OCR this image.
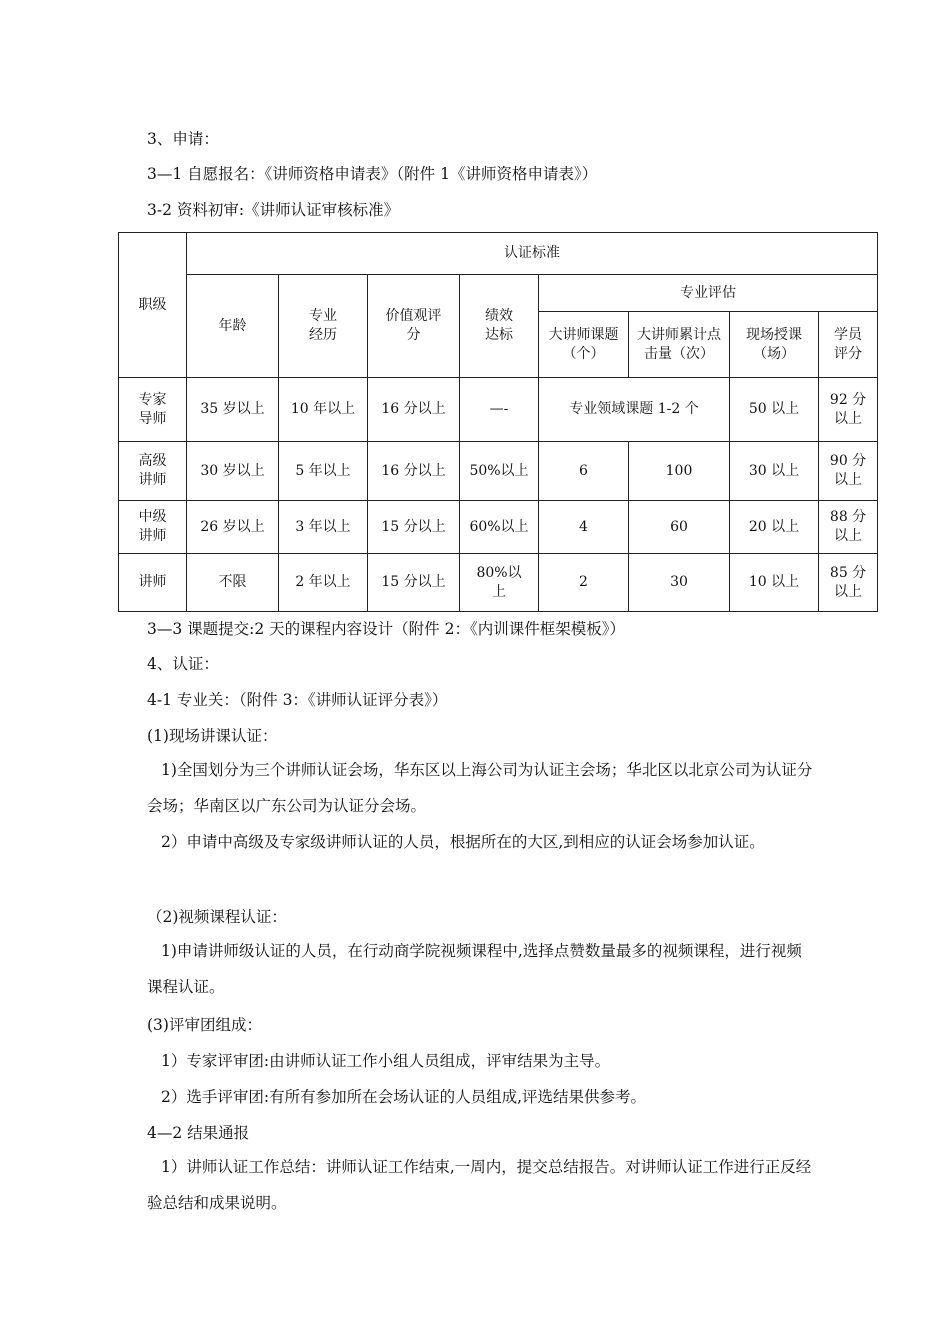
3、申请：
3—1 自愿报名：《讲师资格申请表》（附件 1《讲师资格申请表》）
3-2 资料初审:《讲师认证审核标准》
职级	认证标准							
	年龄	专业经历	价值观评分	绩效达标	专业评估			
					大讲师课题（个）	大讲师累计点击量（次）	现场授课（场）	学员评分
专家导师	35 岁以上	10 年以上	16 分以上	—-	专业领域课题 1-2 个		50 以上	92 分以上
高级讲师	30 岁以上	5 年以上	16 分以上	50%以上	6	100	30 以上	90 分以上
中级讲师	26 岁以上	3 年以上	15 分以上	60%以上	4	60	20 以上	88 分以上
讲师	不限	2 年以上	15 分以上	80%以上	2	30	10 以上	85 分以上
3—3 课题提交:2 天的课程内容设计（附件 2：《内训课件框架模板》）
4、认证：
4-1 专业关：（附件 3：《讲师认证评分表》）
(1)现场讲课认证：
1)全国划分为三个讲师认证会场，华东区以上海公司为认证主会场；华北区以北京公司为认证分会场；华南区以广东公司为认证分会场。
2）申请中高级及专家级讲师认证的人员，根据所在的大区,到相应的认证会场参加认证。
（2)视频课程认证：
1)申请讲师级认证的人员，在行动商学院视频课程中,选择点赞数量最多的视频课程，进行视频课程认证。
(3)评审团组成：
1）专家评审团:由讲师认证工作小组人员组成，评审结果为主导。
2）选手评审团:有所有参加所在会场认证的人员组成,评选结果供参考。
4—2 结果通报
1）讲师认证工作总结：讲师认证工作结束,一周内，提交总结报告。对讲师认证工作进行正反经验总结和成果说明。
